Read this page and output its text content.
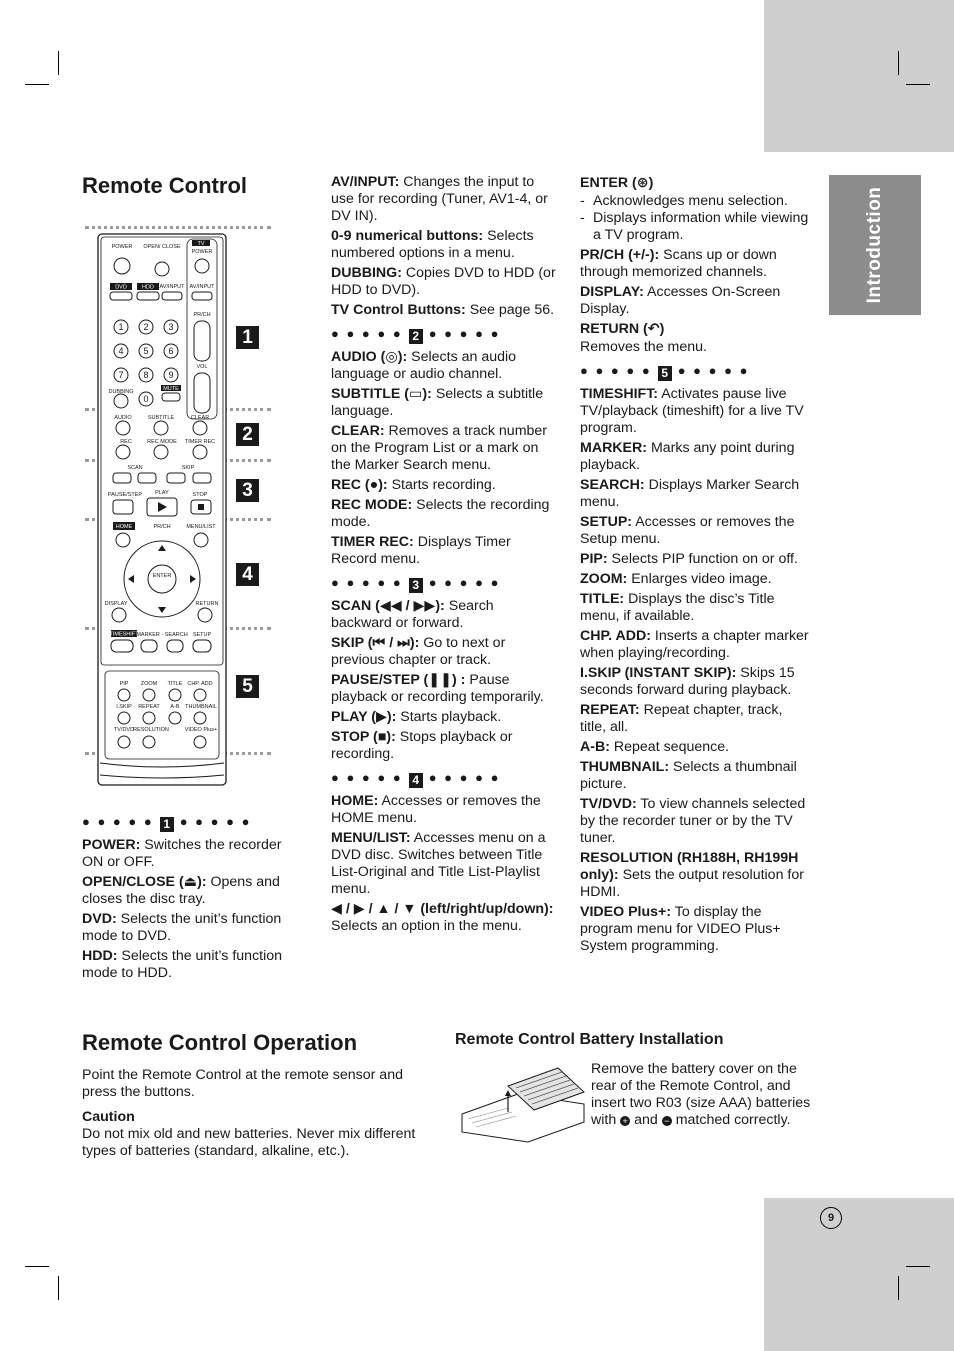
Introduction
Remote Control
1
2
3
4
5
POWER OPEN/ CLOSE	TV
POWER
DVD	HDD AV/INPUT AV/INPUT
PR/CH
VOL
1 2 3
4 5 6
7 8 9
0
MUTE
DUBBING
AUDIO	SUBTITLE	CLEAR
REC	REC MODE TIMER REC
SCAN	SKIP
PAUSE/STEP PLAY	STOP
HOME	PR/CH	MENU/LIST
ENTER
DISPLAY	RETURN
TIMESHIFT
MARKER - SEARCH SETUP
PIP ZOOM TITLE CHP. ADD
I.SKIP REPEAT A-B THUMBNAIL
TV/DVD RESOLUTION	VIDEO Plus+
● ● ● ● ● 1 ● ● ● ● ●

POWER: Switches the recorder ON or OFF.

OPEN/CLOSE (⏏): Opens and closes the disc tray.

DVD: Selects the unit’s function mode to DVD.

HDD: Selects the unit’s function mode to HDD.

AV/INPUT: Changes the input to use for recording (Tuner, AV1-4, or DV IN).

0-9 numerical buttons: Selects numbered options in a menu.

DUBBING: Copies DVD to HDD (or HDD to DVD).

TV Control Buttons: See page 56.

● ● ● ● ● 2 ● ● ● ● ●

AUDIO (◎): Selects an audio language or audio channel.

SUBTITLE (▭): Selects a subtitle language.

CLEAR: Removes a track number on the Program List or a mark on the Marker Search menu.

REC (●): Starts recording.

REC MODE: Selects the recording mode.

TIMER REC: Displays Timer Record menu.

● ● ● ● ● 3 ● ● ● ● ●

SCAN (◀◀ / ▶▶): Search backward or forward.

SKIP (⏮ / ⏭): Go to next or previous chapter or track.

PAUSE/STEP (❚❚) : Pause playback or recording temporarily.

PLAY (▶): Starts playback.

STOP (■): Stops playback or recording.

● ● ● ● ● 4 ● ● ● ● ●

HOME: Accesses or removes the HOME menu.

MENU/LIST: Accesses menu on a DVD disc. Switches between Title List-Original and Title List-Playlist menu.

◀ / ▶ / ▲ / ▼ (left/right/up/down): Selects an option in the menu.

ENTER (⊛)

- Acknowledges menu selection.
- Displays information while viewing a TV program.

PR/CH (+/-): Scans up or down through memorized channels.

DISPLAY: Accesses On-Screen Display.

RETURN (↶)

Removes the menu.

● ● ● ● ● 5 ● ● ● ● ●

TIMESHIFT: Activates pause live TV/playback (timeshift) for a live TV program.

MARKER: Marks any point during playback.

SEARCH: Displays Marker Search menu.

SETUP: Accesses or removes the Setup menu.

PIP: Selects PIP function on or off.

ZOOM: Enlarges video image.

TITLE: Displays the disc’s Title menu, if available.

CHP. ADD: Inserts a chapter marker when playing/recording.

I.SKIP (INSTANT SKIP): Skips 15 seconds forward during playback.

REPEAT: Repeat chapter, track, title, all.

A-B: Repeat sequence.

THUMBNAIL: Selects a thumbnail picture.

TV/DVD: To view channels selected by the recorder tuner or by the TV tuner.

RESOLUTION (RH188H, RH199H only): Sets the output resolution for HDMI.

VIDEO Plus+: To display the program menu for VIDEO Plus+ System programming.

Remote Control Operation

Point the Remote Control at the remote sensor and press the buttons.

Caution
Do not mix old and new batteries. Never mix different types of batteries (standard, alkaline, etc.).
Remote Control Battery Installation
Remove the battery cover on the rear of the Remote Control, and insert two R03 (size AAA) batteries with + and − matched correctly.
9
